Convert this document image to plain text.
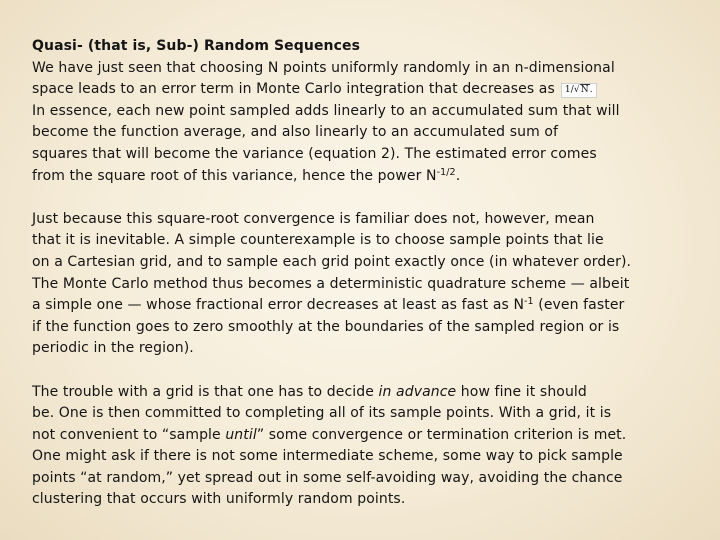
Quasi- (that is, Sub-) Random Sequences
We have just seen that choosing N points uniformly randomly in an n-dimensional
space leads to an error term in Monte Carlo integration that decreases as 1/√N.
In essence, each new point sampled adds linearly to an accumulated sum that will
become the function average, and also linearly to an accumulated sum of
squares that will become the variance (equation 2). The estimated error comes
from the square root of this variance, hence the power $N^{-1/2}$.
Just because this square-root convergence is familiar does not, however, mean
that it is inevitable. A simple counterexample is to choose sample points that lie
on a Cartesian grid, and to sample each grid point exactly once (in whatever order).
The Monte Carlo method thus becomes a deterministic quadrature scheme — albeit
a simple one — whose fractional error decreases at least as fast as $N^{-1}$ (even faster
if the function goes to zero smoothly at the boundaries of the sampled region or is
periodic in the region).
The trouble with a grid is that one has to decide in advance how fine it should
be. One is then committed to completing all of its sample points. With a grid, it is
not convenient to “sample until” some convergence or termination criterion is met.
One might ask if there is not some intermediate scheme, some way to pick sample
points “at random,” yet spread out in some self-avoiding way, avoiding the chance
clustering that occurs with uniformly random points.
